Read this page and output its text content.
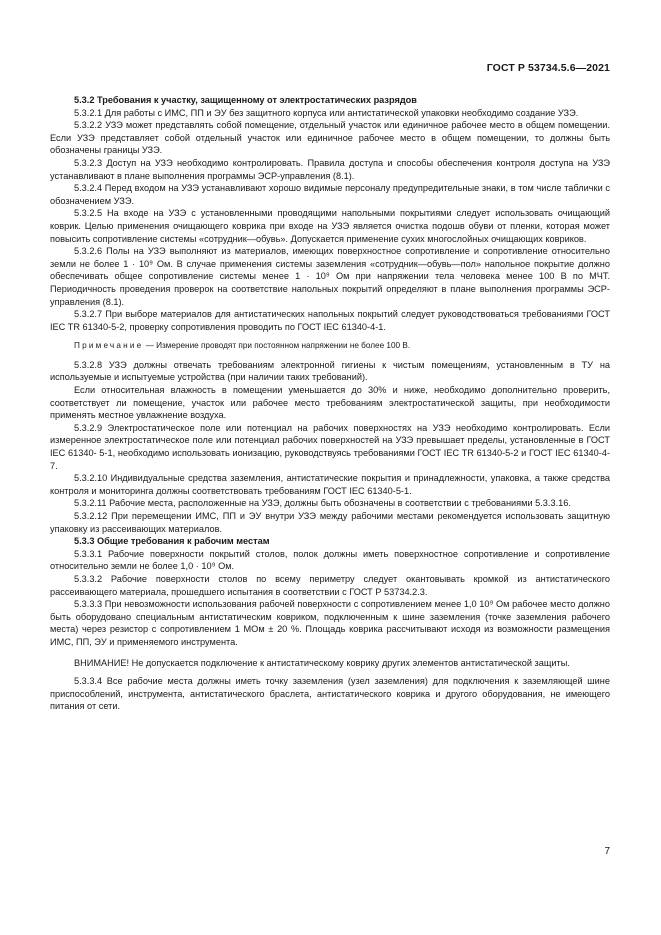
ГОСТ Р 53734.5.6—2021

5.3.2 Требования к участку, защищенному от электростатических разрядов

5.3.2.1 Для работы с ИМС, ПП и ЭУ без защитного корпуса или антистатической упаковки необходимо создание УЗЭ.

5.3.2.2 УЗЭ может представлять собой помещение, отдельный участок или единичное рабочее место в общем помещении. Если УЗЭ представляет собой отдельный участок или единичное рабочее место в общем помещении, то должны быть обозначены границы УЗЭ.

5.3.2.3 Доступ на УЗЭ необходимо контролировать. Правила доступа и способы обеспечения контроля доступа на УЗЭ устанавливают в плане выполнения программы ЭСР-управления (8.1).

5.3.2.4 Перед входом на УЗЭ устанавливают хорошо видимые персоналу предупредительные знаки, в том числе таблички с обозначением УЗЭ.

5.3.2.5 На входе на УЗЭ с установленными проводящими напольными покрытиями следует использовать очищающий коврик. Целью применения очищающего коврика при входе на УЗЭ является очистка подошв обуви от пленки, которая может повысить сопротивление системы «сотрудник—обувь». Допускается применение сухих многослойных очищающих ковриков.

5.3.2.6 Полы на УЗЭ выполняют из материалов, имеющих поверхностное сопротивление и сопротивление относительно земли не более 1 · 10⁹ Ом. В случае применения системы заземления «сотрудник—обувь—пол» напольное покрытие должно обеспечивать общее сопротивление системы менее 1 · 10⁹ Ом при напряжении тела человека менее 100 В по МЧТ. Периодичность проведения проверок на соответствие напольных покрытий определяют в плане выполнения программы ЭСР-управления (8.1).

5.3.2.7 При выборе материалов для антистатических напольных покрытий следует руководствоваться требованиями ГОСТ IEC TR 61340-5-2, проверку сопротивления проводить по ГОСТ IEC 61340-4-1.

Примечание — Измерение проводят при постоянном напряжении не более 100 В.

5.3.2.8 УЗЭ должны отвечать требованиям электронной гигиены к чистым помещениям, установленным в ТУ на используемые и испытуемые устройства (при наличии таких требований).

Если относительная влажность в помещении уменьшается до 30% и ниже, необходимо дополнительно проверить, соответствует ли помещение, участок или рабочее место требованиям электростатической защиты, при необходимости применять местное увлажнение воздуха.

5.3.2.9 Электростатическое поле или потенциал на рабочих поверхностях на УЗЭ необходимо контролировать. Если измеренное электростатическое поле или потенциал рабочих поверхностей на УЗЭ превышает пределы, установленные в ГОСТ IEC 61340- 5-1, необходимо использовать ионизацию, руководствуясь требованиями ГОСТ IEC TR 61340-5-2 и ГОСТ IEC 61340-4-7.

5.3.2.10 Индивидуальные средства заземления, антистатические покрытия и принадлежности, упаковка, а также средства контроля и мониторинга должны соответствовать требованиям ГОСТ IEC 61340-5-1.

5.3.2.11 Рабочие места, расположенные на УЗЭ, должны быть обозначены в соответствии с требованиями 5.3.3.16.

5.3.2.12 При перемещении ИМС, ПП и ЭУ внутри УЗЭ между рабочими местами рекомендуется использовать защитную упаковку из рассеивающих материалов.

5.3.3 Общие требования к рабочим местам

5.3.3.1 Рабочие поверхности покрытий столов, полок должны иметь поверхностное сопротивление и сопротивление относительно земли не более 1,0 · 10⁹ Ом.

5.3.3.2 Рабочие поверхности столов по всему периметру следует окантовывать кромкой из антистатического рассеивающего материала, прошедшего испытания в соответствии с ГОСТ Р 53734.2.3.

5.3.3.3 При невозможности использования рабочей поверхности с сопротивлением менее 1,0 10⁹ Ом рабочее место должно быть оборудовано специальным антистатическим ковриком, подключенным к шине заземления (точке заземления рабочего места) через резистор с сопротивлением 1 МОм ± 20 %. Площадь коврика рассчитывают исходя из возможности размещения ИМС, ПП, ЭУ и применяемого инструмента.

ВНИМАНИЕ! Не допускается подключение к антистатическому коврику других элементов антистатической защиты.

5.3.3.4 Все рабочие места должны иметь точку заземления (узел заземления) для подключения к заземляющей шине приспособлений, инструмента, антистатического браслета, антистатического коврика и другого оборудования, не имеющего питания от сети.

7
